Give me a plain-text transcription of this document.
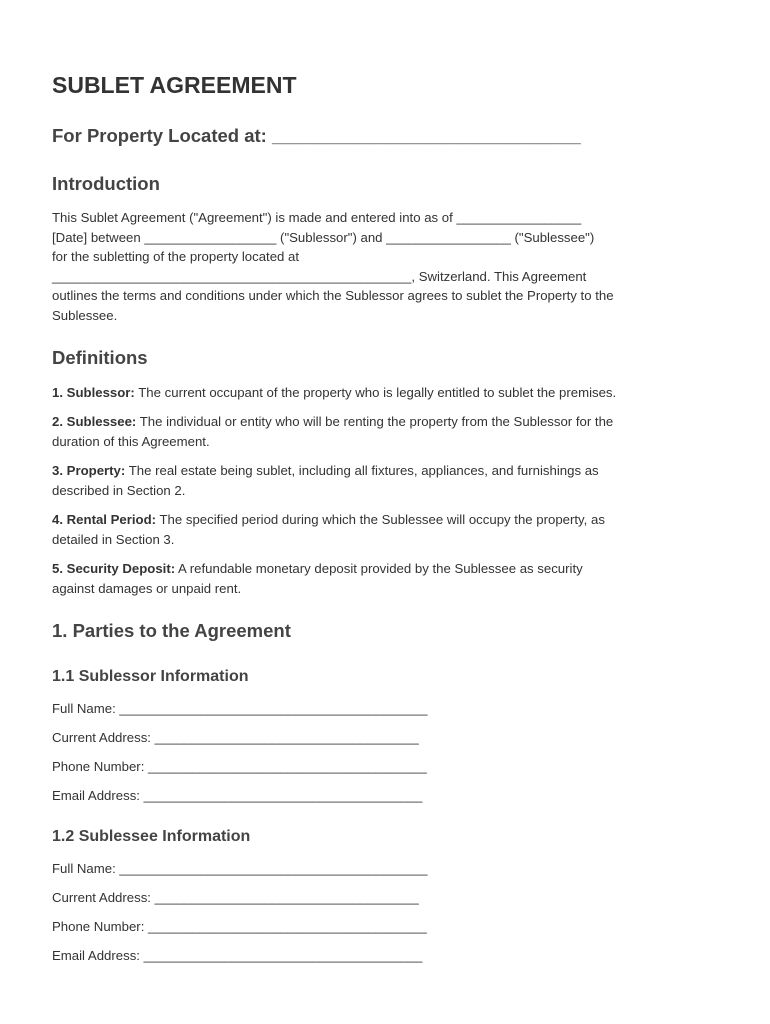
SUBLET AGREEMENT
For Property Located at: ______________________________
Introduction
This Sublet Agreement ("Agreement") is made and entered into as of _________________
[Date] between __________________ ("Sublessor") and _________________ ("Sublessee")
for the subletting of the property located at
_________________________________________________, Switzerland. This Agreement
outlines the terms and conditions under which the Sublessor agrees to sublet the Property to the
Sublessee.
Definitions
1. Sublessor: The current occupant of the property who is legally entitled to sublet the premises.
2. Sublessee: The individual or entity who will be renting the property from the Sublessor for the
duration of this Agreement.
3. Property: The real estate being sublet, including all fixtures, appliances, and furnishings as
described in Section 2.
4. Rental Period: The specified period during which the Sublessee will occupy the property, as
detailed in Section 3.
5. Security Deposit: A refundable monetary deposit provided by the Sublessee as security
against damages or unpaid rent.
1. Parties to the Agreement
1.1 Sublessor Information
Full Name: __________________________________________
Current Address: ____________________________________
Phone Number: ______________________________________
Email Address: ______________________________________
1.2 Sublessee Information
Full Name: __________________________________________
Current Address: ____________________________________
Phone Number: ______________________________________
Email Address: ______________________________________
